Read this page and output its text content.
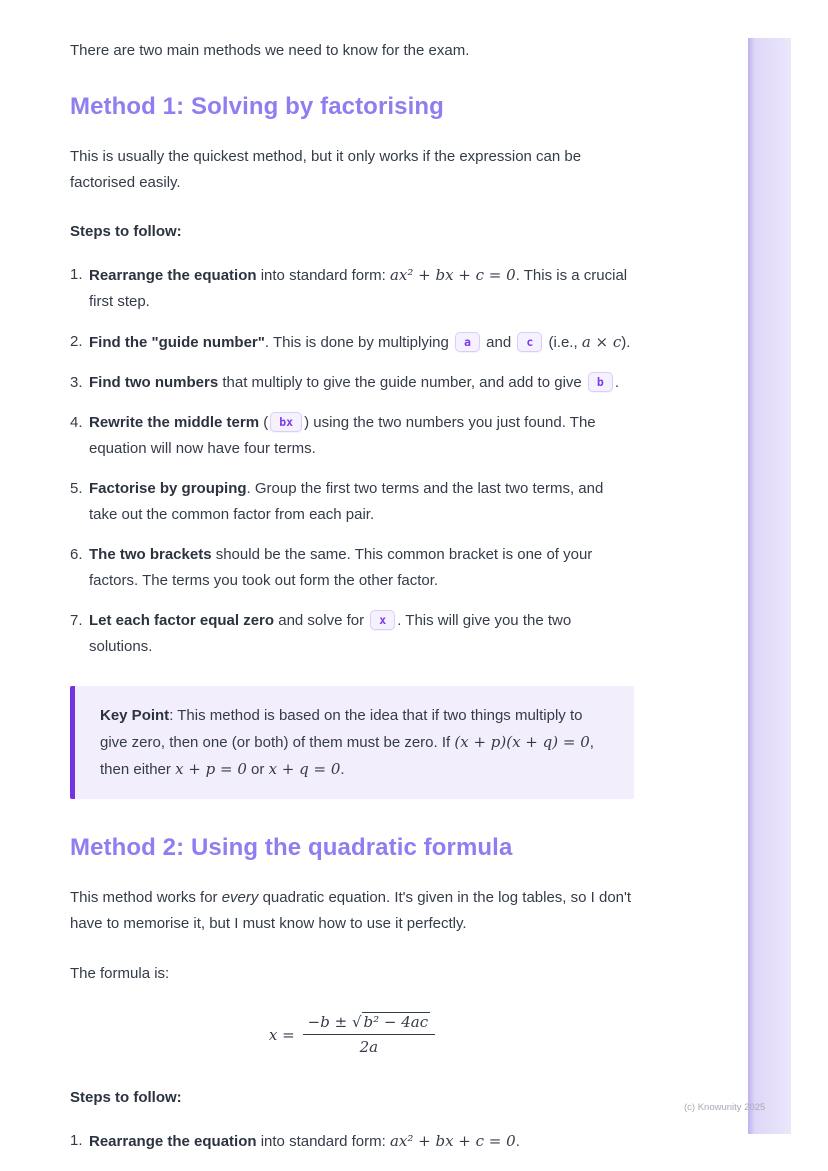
There are two main methods we need to know for the exam.

Method 1: Solving by factorising

This is usually the quickest method, but it only works if the expression can be factorised easily.

Steps to follow:

1. Rearrange the equation into standard form: ax² + bx + c = 0. This is a crucial first step.
2. Find the "guide number". This is done by multiplying a and c (i.e., a × c).
3. Find two numbers that multiply to give the guide number, and add to give b .
4. Rewrite the middle term ( bx ) using the two numbers you just found. The equation will now have four terms.
5. Factorise by grouping. Group the first two terms and the last two terms, and take out the common factor from each pair.
6. The two brackets should be the same. This common bracket is one of your factors. The terms you took out form the other factor.
7. Let each factor equal zero and solve for x . This will give you the two solutions.
Key Point: This method is based on the idea that if two things multiply to give zero, then one (or both) of them must be zero. If (x + p)(x + q) = 0, then either x + p = 0 or x + q = 0.
Method 2: Using the quadratic formula

This method works for every quadratic equation. It's given in the log tables, so I don't have to memorise it, but I must know how to use it perfectly.

The formula is:

$x = \frac{\text{−b ± √ b² − 4ac}}{2a}$

Steps to follow:

1. Rearrange the equation into standard form: ax² + bx + c = 0.
(c) Knowunity 2025
